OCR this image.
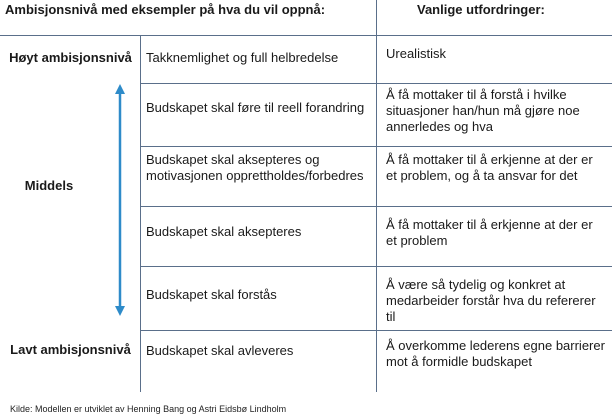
Ambisjonsnivå med eksempler på hva du vil oppnå:	Vanlige utfordringer:
Høyt ambisjonsnivå
Middels
Lavt ambisjonsnivå
Takknemlighet og full helbredelse
Budskapet skal føre til reell forandring
Budskapet skal aksepteres og motivasjonen opprettholdes/forbedres
Budskapet skal aksepteres
Budskapet skal forstås
Budskapet skal avleveres
Urealistisk
Å få mottaker til å forstå i hvilke situasjoner han/hun må gjøre noe annerledes og hva
Å få mottaker til å erkjenne at der er et problem, og å ta ansvar for det
Å få mottaker til å erkjenne at der er et problem
Å være så tydelig og konkret at medarbeider forstår hva du refererer til
Å overkomme lederens egne barrierer mot å formidle budskapet
Kilde: Modellen er utviklet av Henning Bang og Astri Eidsbø Lindholm
